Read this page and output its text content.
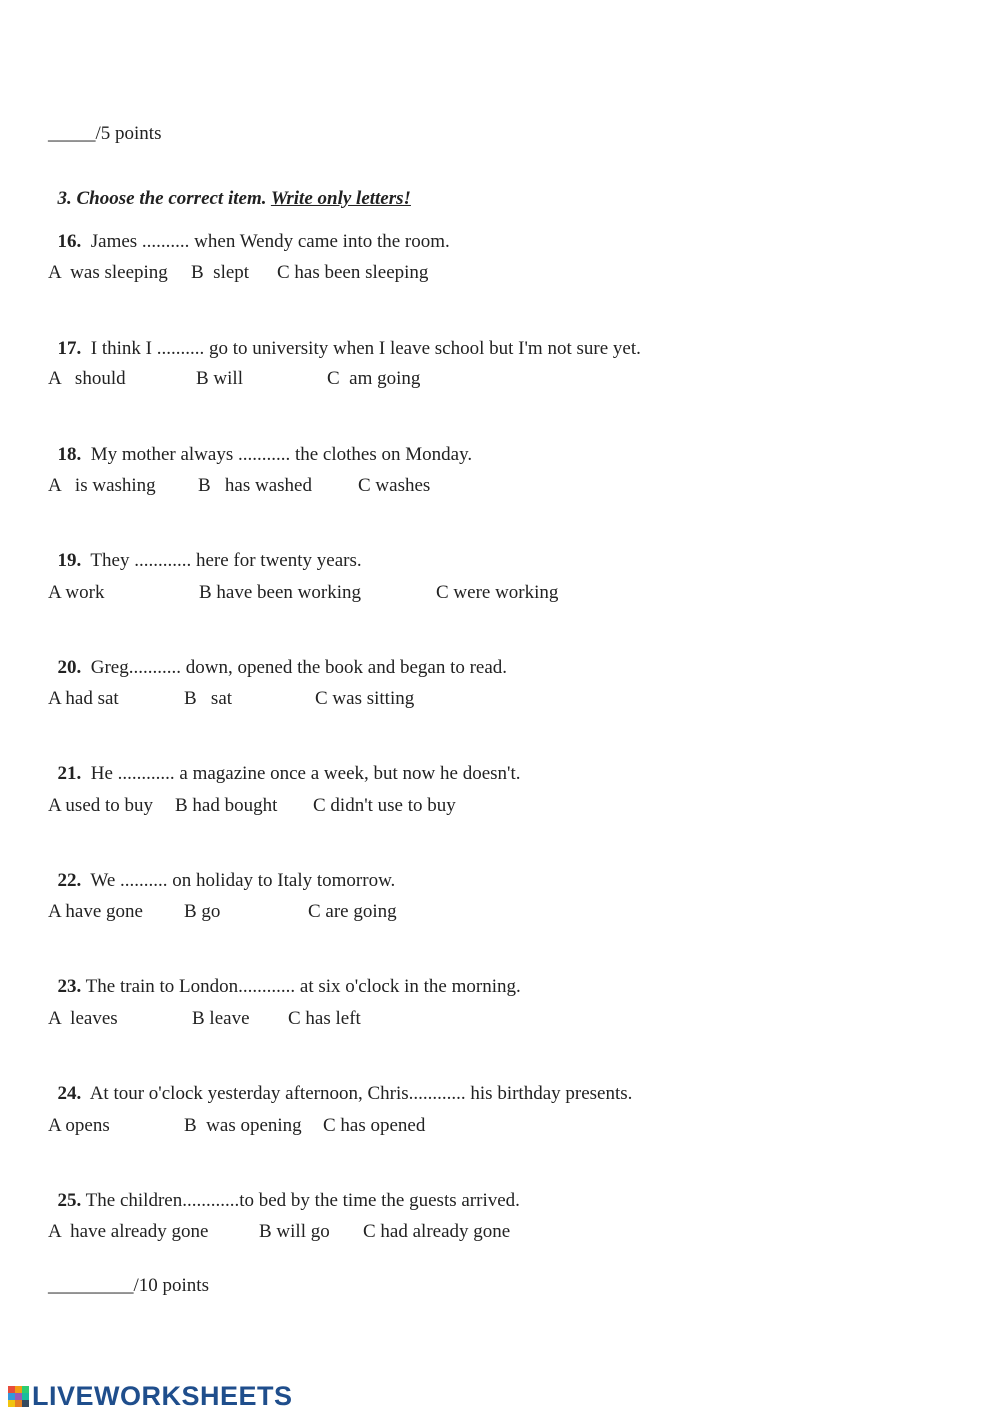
_____/5 points

3. Choose the correct item. Write only letters!

16. James .......... when Wendy came into the room.

A  was sleeping B  slept C has been sleeping

17. I think I .......... go to university when I leave school but I'm not sure yet.

A   should	B will	C  am going

18. My mother always ........... the clothes on Monday.

A   is washing B   has washed C washes

19. They ............ here for twenty years.

A work	B have been working	C were working

20. Greg........... down, opened the book and began to read.

A had sat	B   sat	C was sitting

21. He ............ a magazine once a week, but now he doesn't.

A used to buy B had bought C didn't use to buy

22. We .......... on holiday to Italy tomorrow.

A have gone B go	C are going

23. The train to London............ at six o'clock in the morning.

A  leaves	B leave C has left

24. At tour o'clock yesterday afternoon, Chris............ his birthday presents.

A opens	B  was opening C has opened

25. The children............to bed by the time the guests arrived.

A  have already gone	B will go C had already gone
_________/10 points
LIVEWORKSHEETS
